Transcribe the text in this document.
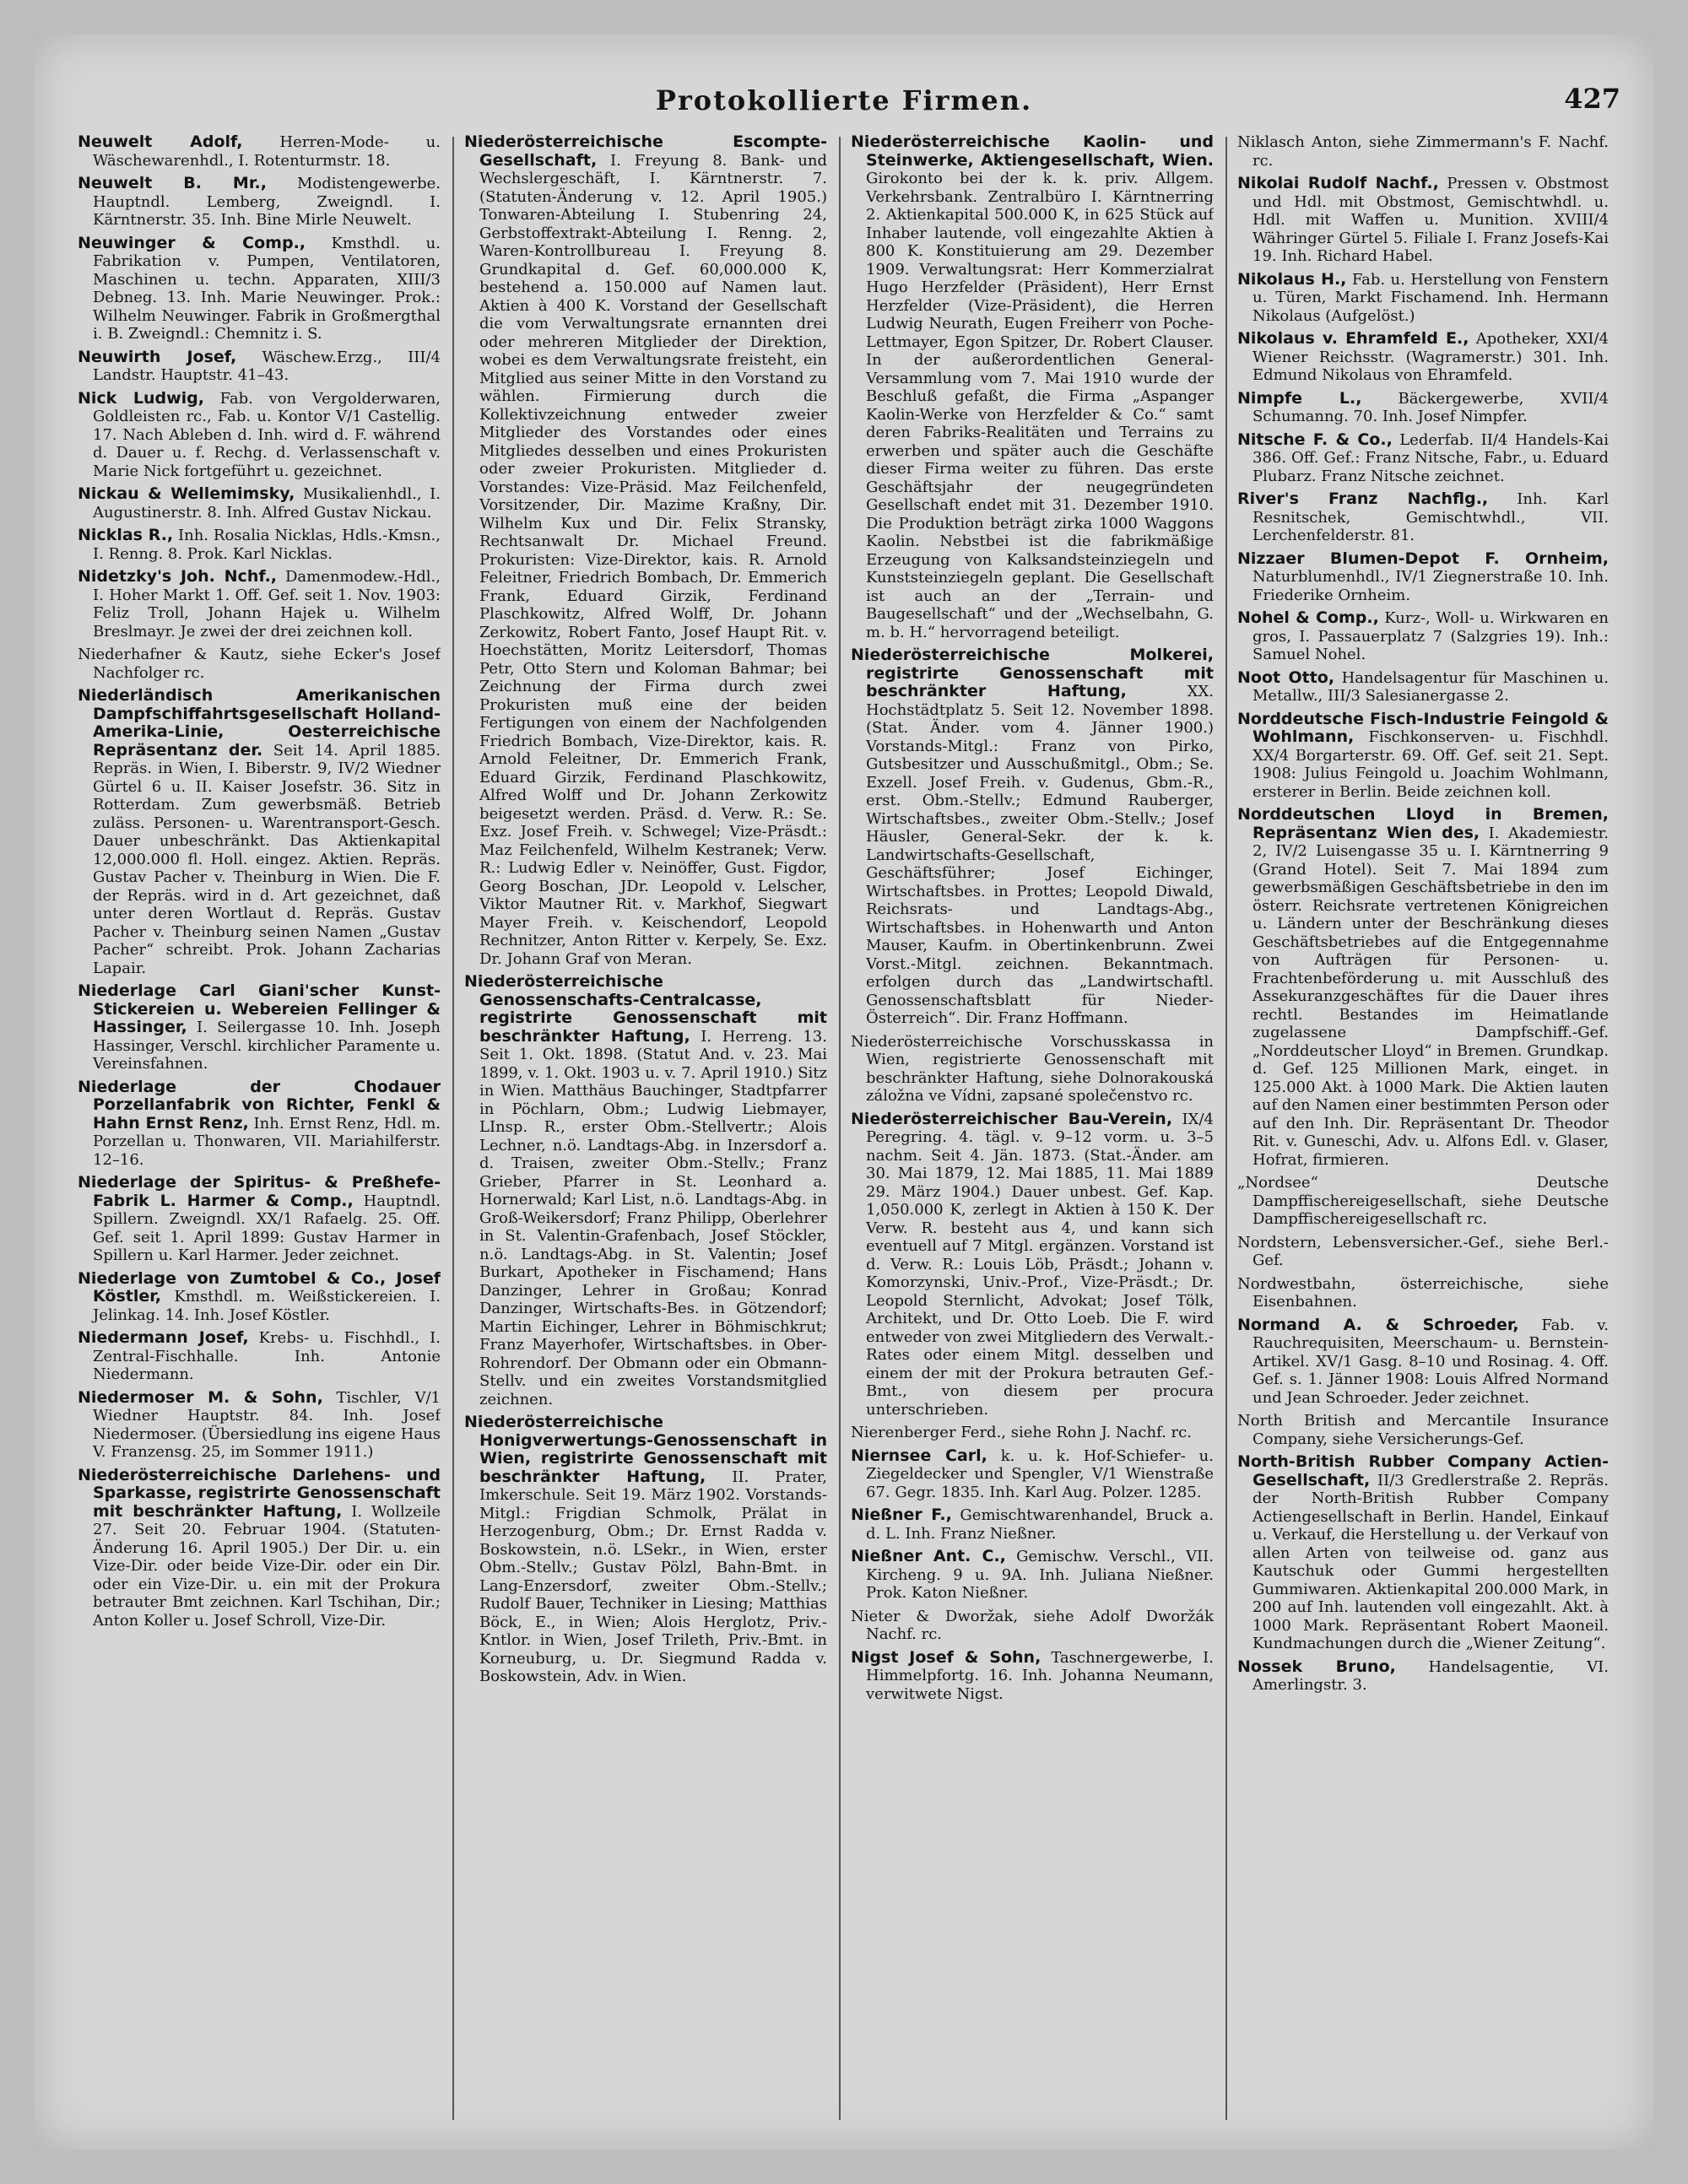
Protokollierte Firmen.	427

Neuwelt Adolf, Herren-Mode- u. Wäschewarenhdl., I. Rotenturmstr. 18.

Neuwelt B. Mr., Modistengewerbe. Hauptndl. Lemberg, Zweigndl. I. Kärntnerstr. 35. Inh. Bine Mirle Neuwelt.

Neuwinger & Comp., Kmsthdl. u. Fabrikation v. Pumpen, Ventilatoren, Maschinen u. techn. Apparaten, XIII/3 Debneg. 13. Inh. Marie Neuwinger. Prok.: Wilhelm Neuwinger. Fabrik in Großmergthal i. B. Zweigndl.: Chemnitz i. S.

Neuwirth Josef, Wäschew.Erzg., III/4 Landstr. Hauptstr. 41–43.

Nick Ludwig, Fab. von Vergolderwaren, Goldleisten rc., Fab. u. Kontor V/1 Castellig. 17. Nach Ableben d. Inh. wird d. F. während d. Dauer u. f. Rechg. d. Verlassenschaft v. Marie Nick fortgeführt u. gezeichnet.

Nickau & Wellemimsky, Musikalienhdl., I. Augustinerstr. 8. Inh. Alfred Gustav Nickau.

Nicklas R., Inh. Rosalia Nicklas, Hdls.-Kmsn., I. Renng. 8. Prok. Karl Nicklas.

Nidetzky's Joh. Nchf., Damenmodew.-Hdl., I. Hoher Markt 1. Off. Gef. seit 1. Nov. 1903: Feliz Troll, Johann Hajek u. Wilhelm Breslmayr. Je zwei der drei zeichnen koll.

Niederhafner & Kautz, siehe Ecker's Josef Nachfolger rc.

Niederländisch Amerikanischen Dampfschiffahrtsgesellschaft Holland-Amerika-Linie, Oesterreichische Repräsentanz der. Seit 14. April 1885. Repräs. in Wien, I. Biberstr. 9, IV/2 Wiedner Gürtel 6 u. II. Kaiser Josefstr. 36. Sitz in Rotterdam. Zum gewerbsmäß. Betrieb zuläss. Personen- u. Warentransport-Gesch. Dauer unbeschränkt. Das Aktienkapital 12,000.000 fl. Holl. eingez. Aktien. Repräs. Gustav Pacher v. Theinburg in Wien. Die F. der Repräs. wird in d. Art gezeichnet, daß unter deren Wortlaut d. Repräs. Gustav Pacher v. Theinburg seinen Namen „Gustav Pacher“ schreibt. Prok. Johann Zacharias Lapair.

Niederlage Carl Giani'scher Kunst-Stickereien u. Webereien Fellinger & Hassinger, I. Seilergasse 10. Inh. Joseph Hassinger, Verschl. kirchlicher Paramente u. Vereinsfahnen.

Niederlage der Chodauer Porzellanfabrik von Richter, Fenkl & Hahn Ernst Renz, Inh. Ernst Renz, Hdl. m. Porzellan u. Thonwaren, VII. Mariahilferstr. 12–16.

Niederlage der Spiritus- & Preßhefe-Fabrik L. Harmer & Comp., Hauptndl. Spillern. Zweigndl. XX/1 Rafaelg. 25. Off. Gef. seit 1. April 1899: Gustav Harmer in Spillern u. Karl Harmer. Jeder zeichnet.

Niederlage von Zumtobel & Co., Josef Köstler, Kmsthdl. m. Weißstickereien. I. Jelinkag. 14. Inh. Josef Köstler.

Niedermann Josef, Krebs- u. Fischhdl., I. Zentral-Fischhalle. Inh. Antonie Niedermann.

Niedermoser M. & Sohn, Tischler, V/1 Wiedner Hauptstr. 84. Inh. Josef Niedermoser. (Übersiedlung ins eigene Haus V. Franzensg. 25, im Sommer 1911.)

Niederösterreichische Darlehens- und Sparkasse, registrirte Genossenschaft mit beschränkter Haftung, I. Wollzeile 27. Seit 20. Februar 1904. (Statuten-Änderung 16. April 1905.) Der Dir. u. ein Vize-Dir. oder beide Vize-Dir. oder ein Dir. oder ein Vize-Dir. u. ein mit der Prokura betrauter Bmt zeichnen. Karl Tschihan, Dir.; Anton Koller u. Josef Schroll, Vize-Dir.

Niederösterreichische Escompte-Gesellschaft, I. Freyung 8. Bank- und Wechslergeschäft, I. Kärntnerstr. 7. (Statuten-Änderung v. 12. April 1905.) Tonwaren-Abteilung I. Stubenring 24, Gerbstoffextrakt-Abteilung I. Renng. 2, Waren-Kontrollbureau I. Freyung 8. Grundkapital d. Gef. 60,000.000 K, bestehend a. 150.000 auf Namen laut. Aktien à 400 K. Vorstand der Gesellschaft die vom Verwaltungsrate ernannten drei oder mehreren Mitglieder der Direktion, wobei es dem Verwaltungsrate freisteht, ein Mitglied aus seiner Mitte in den Vorstand zu wählen. Firmierung durch die Kollektivzeichnung entweder zweier Mitglieder des Vorstandes oder eines Mitgliedes desselben und eines Prokuristen oder zweier Prokuristen. Mitglieder d. Vorstandes: Vize-Präsid. Maz Feilchenfeld, Vorsitzender, Dir. Mazime Kraßny, Dir. Wilhelm Kux und Dir. Felix Stransky, Rechtsanwalt Dr. Michael Freund. Prokuristen: Vize-Direktor, kais. R. Arnold Feleitner, Friedrich Bombach, Dr. Emmerich Frank, Eduard Girzik, Ferdinand Plaschkowitz, Alfred Wolff, Dr. Johann Zerkowitz, Robert Fanto, Josef Haupt Rit. v. Hoechstätten, Moritz Leitersdorf, Thomas Petr, Otto Stern und Koloman Bahmar; bei Zeichnung der Firma durch zwei Prokuristen muß eine der beiden Fertigungen von einem der Nachfolgenden Friedrich Bombach, Vize-Direktor, kais. R. Arnold Feleitner, Dr. Emmerich Frank, Eduard Girzik, Ferdinand Plaschkowitz, Alfred Wolff und Dr. Johann Zerkowitz beigesetzt werden. Präsd. d. Verw. R.: Se. Exz. Josef Freih. v. Schwegel; Vize-Präsdt.: Maz Feilchenfeld, Wilhelm Kestranek; Verw. R.: Ludwig Edler v. Neinöffer, Gust. Figdor, Georg Boschan, JDr. Leopold v. Lelscher, Viktor Mautner Rit. v. Markhof, Siegwart Mayer Freih. v. Keischendorf, Leopold Rechnitzer, Anton Ritter v. Kerpely, Se. Exz. Dr. Johann Graf von Meran.

Niederösterreichische Genossenschafts-Centralcasse, registrirte Genossenschaft mit beschränkter Haftung, I. Herreng. 13. Seit 1. Okt. 1898. (Statut And. v. 23. Mai 1899, v. 1. Okt. 1903 u. v. 7. April 1910.) Sitz in Wien. Matthäus Bauchinger, Stadtpfarrer in Pöchlarn, Obm.; Ludwig Liebmayer, LInsp. R., erster Obm.-Stellvertr.; Alois Lechner, n.ö. Landtags-Abg. in Inzersdorf a. d. Traisen, zweiter Obm.-Stellv.; Franz Grieber, Pfarrer in St. Leonhard a. Hornerwald; Karl List, n.ö. Landtags-Abg. in Groß-Weikersdorf; Franz Philipp, Oberlehrer in St. Valentin-Grafenbach, Josef Stöckler, n.ö. Landtags-Abg. in St. Valentin; Josef Burkart, Apotheker in Fischamend; Hans Danzinger, Lehrer in Großau; Konrad Danzinger, Wirtschafts-Bes. in Götzendorf; Martin Eichinger, Lehrer in Böhmischkrut; Franz Mayerhofer, Wirtschaftsbes. in Ober-Rohrendorf. Der Obmann oder ein Obmann-Stellv. und ein zweites Vorstandsmitglied zeichnen.

Niederösterreichische Honigverwertungs-Genossenschaft in Wien, registrirte Genossenschaft mit beschränkter Haftung, II. Prater, Imkerschule. Seit 19. März 1902. Vorstands-Mitgl.: Frigdian Schmolk, Prälat in Herzogenburg, Obm.; Dr. Ernst Radda v. Boskowstein, n.ö. LSekr., in Wien, erster Obm.-Stellv.; Gustav Pölzl, Bahn-Bmt. in Lang-Enzersdorf, zweiter Obm.-Stellv.; Rudolf Bauer, Techniker in Liesing; Matthias Böck, E., in Wien; Alois Herglotz, Priv.-Kntlor. in Wien, Josef Trileth, Priv.-Bmt. in Korneuburg, u. Dr. Siegmund Radda v. Boskowstein, Adv. in Wien.

Niederösterreichische Kaolin- und Steinwerke, Aktiengesellschaft, Wien. Girokonto bei der k. k. priv. Allgem. Verkehrsbank. Zentralbüro I. Kärntnerring 2. Aktienkapital 500.000 K, in 625 Stück auf Inhaber lautende, voll eingezahlte Aktien à 800 K. Konstituierung am 29. Dezember 1909. Verwaltungsrat: Herr Kommerzialrat Hugo Herzfelder (Präsident), Herr Ernst Herzfelder (Vize-Präsident), die Herren Ludwig Neurath, Eugen Freiherr von Poche-Lettmayer, Egon Spitzer, Dr. Robert Clauser. In der außerordentlichen General-Versammlung vom 7. Mai 1910 wurde der Beschluß gefaßt, die Firma „Aspanger Kaolin-Werke von Herzfelder & Co.“ samt deren Fabriks-Realitäten und Terrains zu erwerben und später auch die Geschäfte dieser Firma weiter zu führen. Das erste Geschäftsjahr der neugegründeten Gesellschaft endet mit 31. Dezember 1910. Die Produktion beträgt zirka 1000 Waggons Kaolin. Nebstbei ist die fabrikmäßige Erzeugung von Kalksandsteinziegeln und Kunststeinziegeln geplant. Die Gesellschaft ist auch an der „Terrain- und Baugesellschaft“ und der „Wechselbahn, G. m. b. H.“ hervorragend beteiligt.

Niederösterreichische Molkerei, registrirte Genossenschaft mit beschränkter Haftung,	XX. Hochstädtplatz 5. Seit 12. November 1898. (Stat. Änder. vom 4. Jänner 1900.) Vorstands-Mitgl.: Franz von Pirko, Gutsbesitzer und Ausschußmitgl., Obm.; Se. Exzell. Josef Freih. v. Gudenus, Gbm.-R., erst. Obm.-Stellv.; Edmund Rauberger, Wirtschaftsbes., zweiter Obm.-Stellv.; Josef Häusler, General-Sekr. der k. k. Landwirtschafts-Gesellschaft, Geschäftsführer; Josef Eichinger, Wirtschaftsbes. in Prottes; Leopold Diwald, Reichsrats- und Landtags-Abg., Wirtschaftsbes. in Hohenwarth und Anton Mauser, Kaufm. in Obertinkenbrunn. Zwei Vorst.-Mitgl. zeichnen. Bekanntmach. erfolgen durch das „Landwirtschaftl. Genossenschaftsblatt für Nieder-Österreich“. Dir. Franz Hoffmann.

Niederösterreichische Vorschusskassa in Wien, registrierte Genossenschaft mit beschränkter Haftung, siehe Dolnorakouská záložna ve Vídni, zapsané společenstvo rc.

Niederösterreichischer Bau-Verein, IX/4 Peregring. 4. tägl. v. 9–12 vorm. u. 3–5 nachm. Seit 4. Jän. 1873. (Stat.-Änder. am 30. Mai 1879, 12. Mai 1885, 11. Mai 1889 29. März 1904.) Dauer unbest. Gef. Kap. 1,050.000 K, zerlegt in Aktien à 150 K. Der Verw. R. besteht aus 4, und kann sich eventuell auf 7 Mitgl. ergänzen. Vorstand ist d. Verw. R.: Louis Löb, Präsdt.; Johann v. Komorzynski, Univ.-Prof., Vize-Präsdt.; Dr. Leopold Sternlicht, Advokat; Josef Tölk, Architekt, und Dr. Otto Loeb. Die F. wird entweder von zwei Mitgliedern des Verwalt.-Rates oder einem Mitgl. desselben und einem der mit der Prokura betrauten Gef.-Bmt., von diesem per procura unterschrieben.

Nierenberger Ferd., siehe Rohn J. Nachf. rc.

Niernsee Carl, k. u. k. Hof-Schiefer- u. Ziegeldecker und Spengler, V/1 Wienstraße 67. Gegr. 1835. Inh. Karl Aug. Polzer. 1285.

Nießner F., Gemischtwarenhandel, Bruck a. d. L. Inh. Franz Nießner.

Nießner Ant. C., Gemischw. Verschl., VII. Kircheng. 9 u. 9A. Inh. Juliana Nießner. Prok. Katon Nießner.

Nieter & Dworžak, siehe Adolf Dworžák Nachf. rc.

Nigst Josef & Sohn, Taschnergewerbe, I. Himmelpfortg. 16. Inh. Johanna Neumann, verwitwete Nigst.

Niklasch Anton, siehe Zimmermann's F. Nachf. rc.

Nikolai Rudolf Nachf., Pressen v. Obstmost und Hdl. mit Obstmost, Gemischtwhdl. u. Hdl. mit Waffen u. Munition. XVIII/4 Währinger Gürtel 5. Filiale I. Franz Josefs-Kai 19. Inh. Richard Habel.

Nikolaus H., Fab. u. Herstellung von Fenstern u. Türen, Markt Fischamend. Inh. Hermann Nikolaus (Aufgelöst.)

Nikolaus v. Ehramfeld E., Apotheker, XXI/4 Wiener Reichsstr. (Wagramerstr.) 301. Inh. Edmund Nikolaus von Ehramfeld.

Nimpfe L., Bäckergewerbe, XVII/4 Schumanng. 70. Inh. Josef Nimpfer.

Nitsche F. & Co., Lederfab. II/4 Handels-Kai 386. Off. Gef.: Franz Nitsche, Fabr., u. Eduard Plubarz. Franz Nitsche zeichnet.

River's Franz Nachflg., Inh. Karl Resnitschek, Gemischtwhdl., VII. Lerchenfelderstr. 81.

Nizzaer Blumen-Depot F. Ornheim, Naturblumenhdl., IV/1 Ziegnerstraße 10. Inh. Friederike Ornheim.

Nohel & Comp., Kurz-, Woll- u. Wirkwaren en gros, I. Passauerplatz 7 (Salzgries 19). Inh.: Samuel Nohel.

Noot Otto, Handelsagentur für Maschinen u. Metallw., III/3 Salesianergasse 2.

Norddeutsche Fisch-Industrie Feingold & Wohlmann, Fischkonserven- u. Fischhdl. XX/4 Borgarterstr. 69. Off. Gef. seit 21. Sept. 1908: Julius Feingold u. Joachim Wohlmann, ersterer in Berlin. Beide zeichnen koll.

Norddeutschen Lloyd in Bremen, Repräsentanz Wien des, I. Akademiestr. 2, IV/2 Luisengasse 35 u. I. Kärntnerring 9 (Grand Hotel). Seit 7. Mai 1894 zum gewerbsmäßigen Geschäftsbetriebe in den im österr. Reichsrate vertretenen Königreichen u. Ländern unter der Beschränkung dieses Geschäftsbetriebes auf die Entgegennahme von Aufträgen für Personen- u. Frachtenbeförderung u. mit Ausschluß des Assekuranzgeschäftes für die Dauer ihres rechtl. Bestandes im Heimatlande zugelassene Dampfschiff.-Gef. „Norddeutscher Lloyd“ in Bremen. Grundkap. d. Gef. 125 Millionen Mark, einget. in 125.000 Akt. à 1000 Mark. Die Aktien lauten auf den Namen einer bestimmten Person oder auf den Inh. Dir. Repräsentant Dr. Theodor Rit. v. Guneschi, Adv. u. Alfons Edl. v. Glaser, Hofrat, firmieren.

„Nordsee“ Deutsche Dampffischereigesellschaft, siehe Deutsche Dampffischereigesellschaft rc.

Nordstern, Lebensversicher.-Gef., siehe Berl.-Gef.

Nordwestbahn, österreichische, siehe Eisenbahnen.

Normand A. & Schroeder, Fab. v. Rauchrequisiten, Meerschaum- u. Bernstein-Artikel. XV/1 Gasg. 8–10 und Rosinag. 4. Off. Gef. s. 1. Jänner 1908: Louis Alfred Normand und Jean Schroeder. Jeder zeichnet.

North British and Mercantile Insurance Company, siehe Versicherungs-Gef.

North-British Rubber Company Actien-Gesellschaft, II/3 Gredlerstraße 2. Repräs. der North-British Rubber Company Actiengesellschaft in Berlin. Handel, Einkauf u. Verkauf, die Herstellung u. der Verkauf von allen Arten von teilweise od. ganz aus Kautschuk oder Gummi hergestellten Gummiwaren. Aktienkapital 200.000 Mark, in 200 auf Inh. lautenden voll eingezahlt. Akt. à 1000 Mark. Repräsentant Robert Maoneil. Kundmachungen durch die „Wiener Zeitung“.

Nossek Bruno, Handelsagentie, VI. Amerlingstr. 3.
